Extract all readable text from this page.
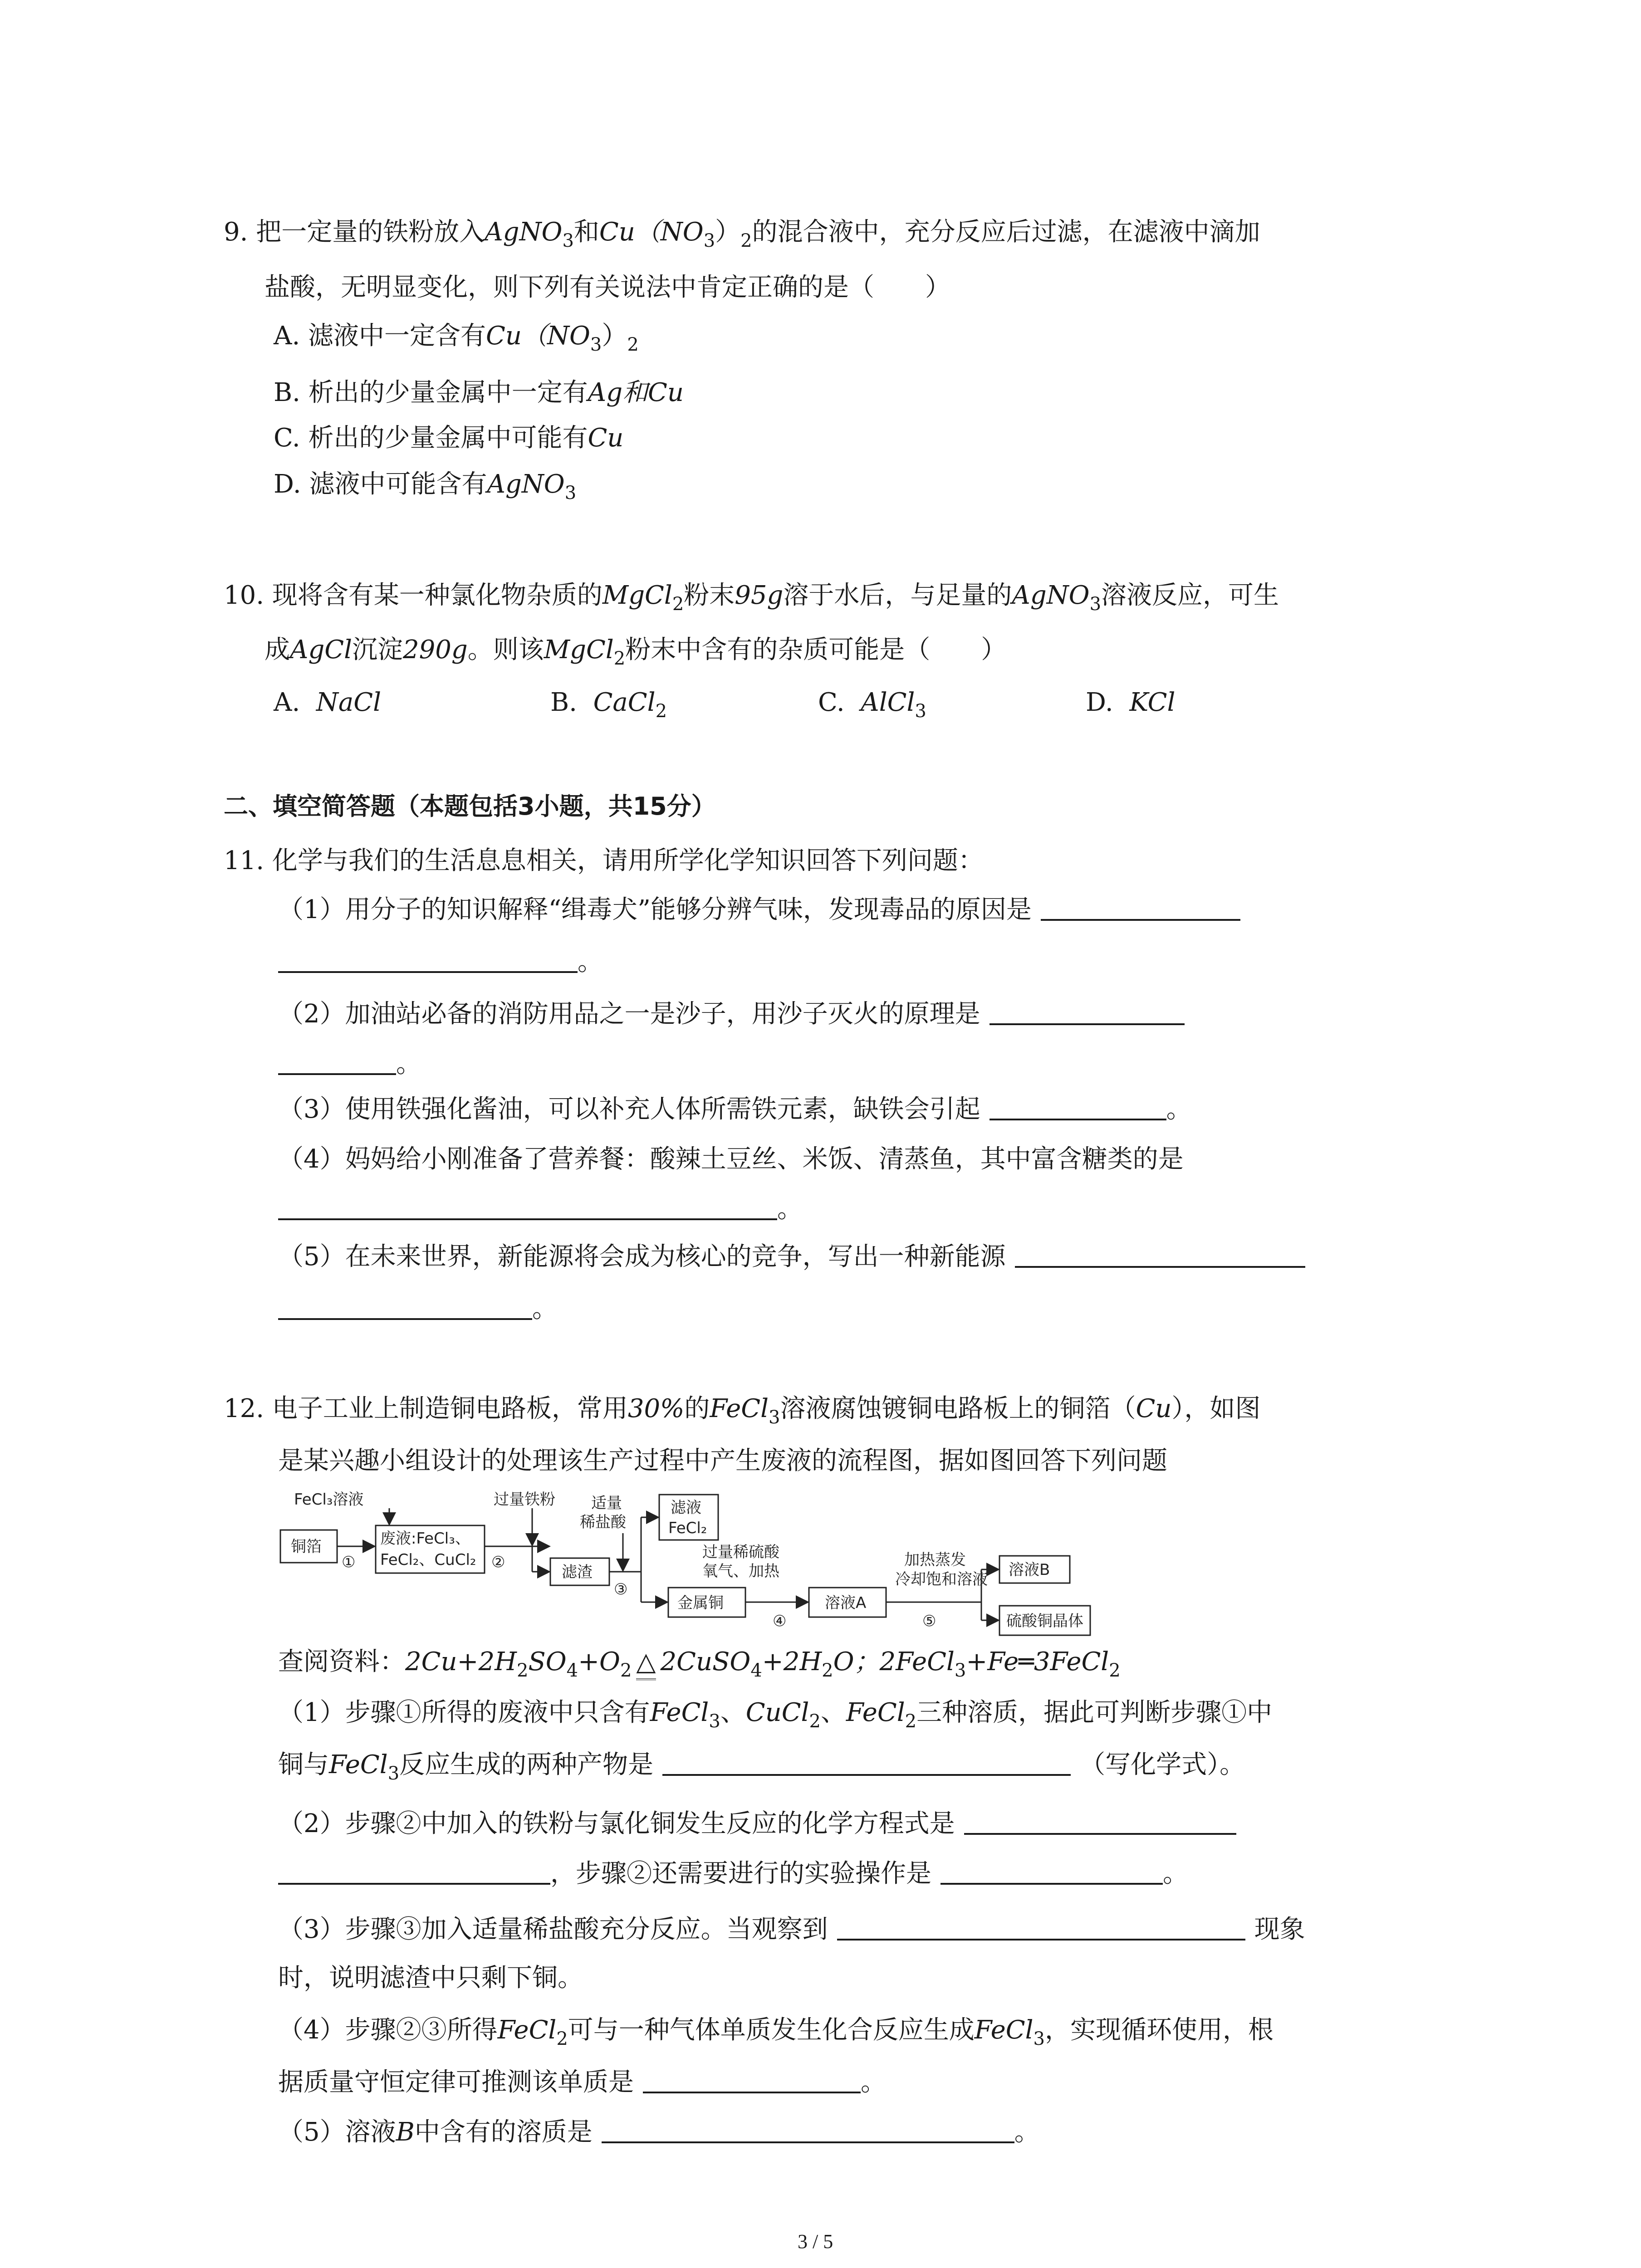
9. 把一定量的铁粉放入AgNO$_3$和$Cu(NO_3)_2$的混合液中，充分反应后过滤，在滤液中滴加
盐酸，无明显变化，则下列有关说法中肯定正确的是（　　）
A. 滤液中一定含有$Cu(NO_3)_2$
B. 析出的少量金属中一定有Ag和Cu
C. 析出的少量金属中可能有Cu
D. 滤液中可能含有AgNO$_3$
10. 现将含有某一种氯化物杂质的MgCl$_2$粉末95g溶于水后，与足量的AgNO$_3$溶液反应，可生
成AgCl沉淀290g。则该MgCl$_2$粉末中含有的杂质可能是（　　）
A. NaCl	B. CaCl$_2$	C. AlCl$_3$	D. KCl
二、填空简答题（本题包括3小题，共15分）
11. 化学与我们的生活息息相关，请用所学化学知识回答下列问题：
（1）用分子的知识解释“缉毒犬”能够分辨气味，发现毒品的原因是
。
（2）加油站必备的消防用品之一是沙子，用沙子灭火的原理是
。
（3）使用铁强化酱油，可以补充人体所需铁元素，缺铁会引起	。
（4）妈妈给小刚准备了营养餐：酸辣土豆丝、米饭、清蒸鱼，其中富含糖类的是
。
（5）在未来世界，新能源将会成为核心的竞争，写出一种新能源
。
12. 电子工业上制造铜电路板，常用30%的FeCl$_3$溶液腐蚀镀铜电路板上的铜箔（Cu），如图
是某兴趣小组设计的处理该生产过程中产生废液的流程图，据如图回答下列问题
FeCl₃溶液
铜箔	废液:FeCl₃、
FeCl₂、CuCl₂
过量铁粉
滤渣
适量
稀盐酸
滤液
FeCl₂
金属铜
过量稀硫酸
氧气、加热
溶液A
加热蒸发
冷却饱和溶液
溶液B
硫酸铜晶体
①	②
③
④	⑤
查阅资料：$2Cu+2H_2SO_4+O_2$ △ $2CuSO_4+2H_2O$；2FeCl$_3$+Fe═3FeCl$_2$
（1）步骤①所得的废液中只含有FeCl$_3$、CuCl$_2$、FeCl$_2$三种溶质，据此可判断步骤①中
铜与FeCl$_3$反应生成的两种产物是	（写化学式）。
（2）步骤②中加入的铁粉与氯化铜发生反应的化学方程式是
，步骤②还需要进行的实验操作是	。
（3）步骤③加入适量稀盐酸充分反应。当观察到	现象
时，说明滤渣中只剩下铜。
（4）步骤②③所得FeCl$_2$可与一种气体单质发生化合反应生成FeCl$_3$，实现循环使用，根
据质量守恒定律可推测该单质是	。
（5）溶液B中含有的溶质是	。
3 / 5
